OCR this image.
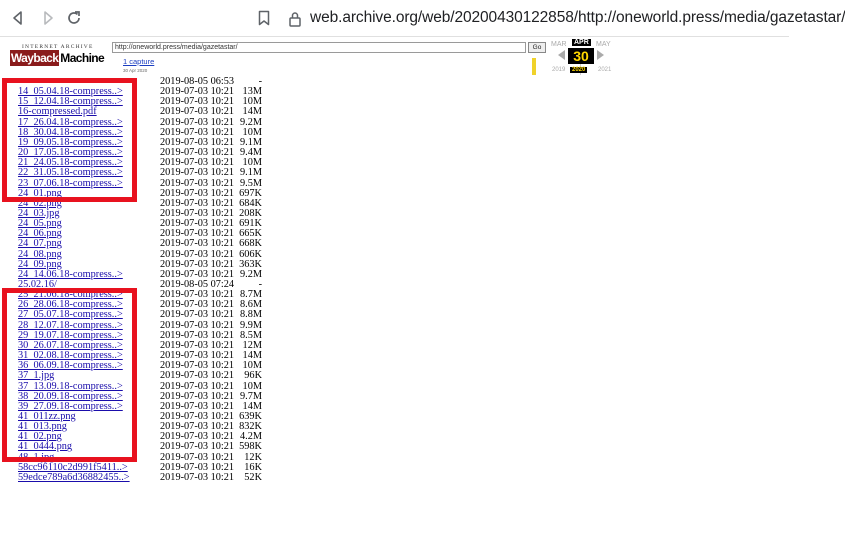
web.archive.org/web/20200430122858/http://oneworld.press/media/gazetastar/
INTERNET ARCHIVE
Wayback Machine
http://oneworld.press/media/gazetastar/	Go
1 capture
30 Apr 2020
MAR APR MAY
30
2019	2020	2021
2019-08-05 06:53 -
14_05.04.18-compress..>	2019-07-03 10:21 13M
15_12.04.18-compress..>	2019-07-03 10:21 10M
16-compressed.pdf	2019-07-03 10:21 14M
17_26.04.18-compress..>	2019-07-03 10:21 9.2M
18_30.04.18-compress..>	2019-07-03 10:21 10M
19_09.05.18-compress..>	2019-07-03 10:21 9.1M
20_17.05.18-compress..>	2019-07-03 10:21 9.4M
21_24.05.18-compress..>	2019-07-03 10:21 10M
22_31.05.18-compress..>	2019-07-03 10:21 9.1M
23_07.06.18-compress..>	2019-07-03 10:21 9.5M
24_01.png	2019-07-03 10:21 697K
24_02.png	2019-07-03 10:21 684K
24_03.jpg	2019-07-03 10:21 208K
24_05.png	2019-07-03 10:21 691K
24_06.png	2019-07-03 10:21 665K
24_07.png	2019-07-03 10:21 668K
24_08.png	2019-07-03 10:21 606K
24_09.png	2019-07-03 10:21 363K
24_14.06.18-compress..>	2019-07-03 10:21 9.2M
25.02.16/	2019-08-05 07:24 -
25_21.06.18-compress..>	2019-07-03 10:21 8.7M
26_28.06.18-compress..>	2019-07-03 10:21 8.6M
27_05.07.18-compress..>	2019-07-03 10:21 8.8M
28_12.07.18-compress..>	2019-07-03 10:21 9.9M
29_19.07.18-compress..>	2019-07-03 10:21 8.5M
30_26.07.18-compress..>	2019-07-03 10:21 12M
31_02.08.18-compress..>	2019-07-03 10:21 14M
36_06.09.18-compress..>	2019-07-03 10:21 10M
37_1.jpg	2019-07-03 10:21 96K
37_13.09.18-compress..>	2019-07-03 10:21 10M
38_20.09.18-compress..>	2019-07-03 10:21 9.7M
39_27.09.18-compress..>	2019-07-03 10:21 14M
41_011zz.png	2019-07-03 10:21 639K
41_013.png	2019-07-03 10:21 832K
41_02.png	2019-07-03 10:21 4.2M
41_0444.png	2019-07-03 10:21 598K
48_1.jpg	2019-07-03 10:21 12K
58cc96110c2d991f5411..>	2019-07-03 10:21 16K
59edce789a6d36882455..>	2019-07-03 10:21 52K
